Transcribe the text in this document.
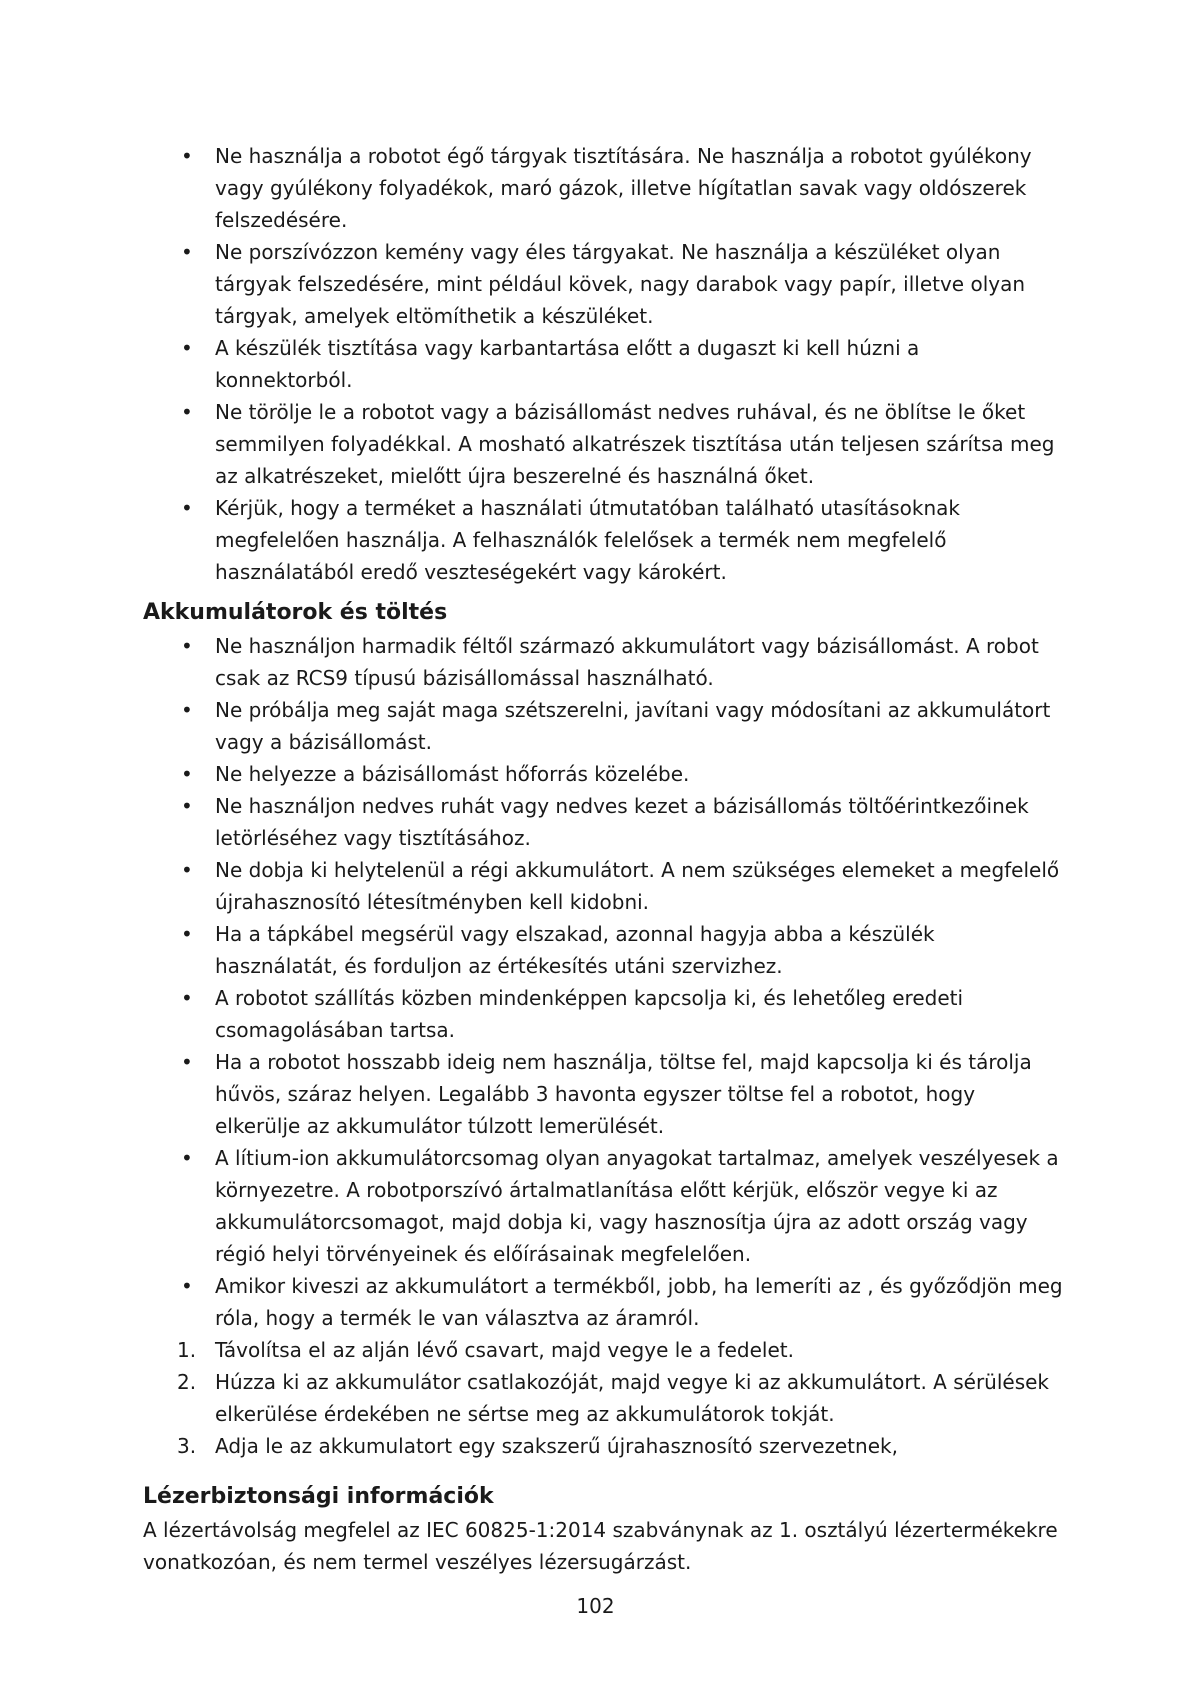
• Ne használja a robotot égő tárgyak tisztítására. Ne használja a robotot gyúlékony vagy gyúlékony folyadékok, maró gázok, illetve hígítatlan savak vagy oldószerek felszedésére.
• Ne porszívózzon kemény vagy éles tárgyakat. Ne használja a készüléket olyan tárgyak felszedésére, mint például kövek, nagy darabok vagy papír, illetve olyan tárgyak, amelyek eltömíthetik a készüléket.
• A készülék tisztítása vagy karbantartása előtt a dugaszt ki kell húzni a konnektorból.
• Ne törölje le a robotot vagy a bázisállomást nedves ruhával, és ne öblítse le őket semmilyen folyadékkal. A mosható alkatrészek tisztítása után teljesen szárítsa meg az alkatrészeket, mielőtt újra beszerelné és használná őket.
• Kérjük, hogy a terméket a használati útmutatóban található utasításoknak megfelelően használja. A felhasználók felelősek a termék nem megfelelő használatából eredő veszteségekért vagy károkért.
Akkumulátorok és töltés
• Ne használjon harmadik féltől származó akkumulátort vagy bázisállomást. A robot csak az RCS9 típusú bázisállomással használható.
• Ne próbálja meg saját maga szétszerelni, javítani vagy módosítani az akkumulátort vagy a bázisállomást.
• Ne helyezze a bázisállomást hőforrás közelébe.
• Ne használjon nedves ruhát vagy nedves kezet a bázisállomás töltőérintkezőinek letörléséhez vagy tisztításához.
• Ne dobja ki helytelenül a régi akkumulátort. A nem szükséges elemeket a megfelelő újrahasznosító létesítményben kell kidobni.
• Ha a tápkábel megsérül vagy elszakad, azonnal hagyja abba a készülék használatát, és forduljon az értékesítés utáni szervizhez.
• A robotot szállítás közben mindenképpen kapcsolja ki, és lehetőleg eredeti csomagolásában tartsa.
• Ha a robotot hosszabb ideig nem használja, töltse fel, majd kapcsolja ki és tárolja hűvös, száraz helyen. Legalább 3 havonta egyszer töltse fel a robotot, hogy elkerülje az akkumulátor túlzott lemerülését.
• A lítium-ion akkumulátorcsomag olyan anyagokat tartalmaz, amelyek veszélyesek a környezetre. A robotporszívó ártalmatlanítása előtt kérjük, először vegye ki az akkumulátorcsomagot, majd dobja ki, vagy hasznosítja újra az adott ország vagy régió helyi törvényeinek és előírásainak megfelelően.
• Amikor kiveszi az akkumulátort a termékből, jobb, ha lemeríti az , és győződjön meg róla, hogy a termék le van választva az áramról.
1. Távolítsa el az alján lévő csavart, majd vegye le a fedelet.
2. Húzza ki az akkumulátor csatlakozóját, majd vegye ki az akkumulátort. A sérülések elkerülése érdekében ne sértse meg az akkumulátorok tokját.
3. Adja le az akkumulatort egy szakszerű újrahasznosító szervezetnek,
Lézerbiztonsági információk

A lézertávolság megfelel az IEC 60825-1:2014 szabványnak az 1. osztályú lézertermékekre vonatkozóan, és nem termel veszélyes lézersugárzást.

102
